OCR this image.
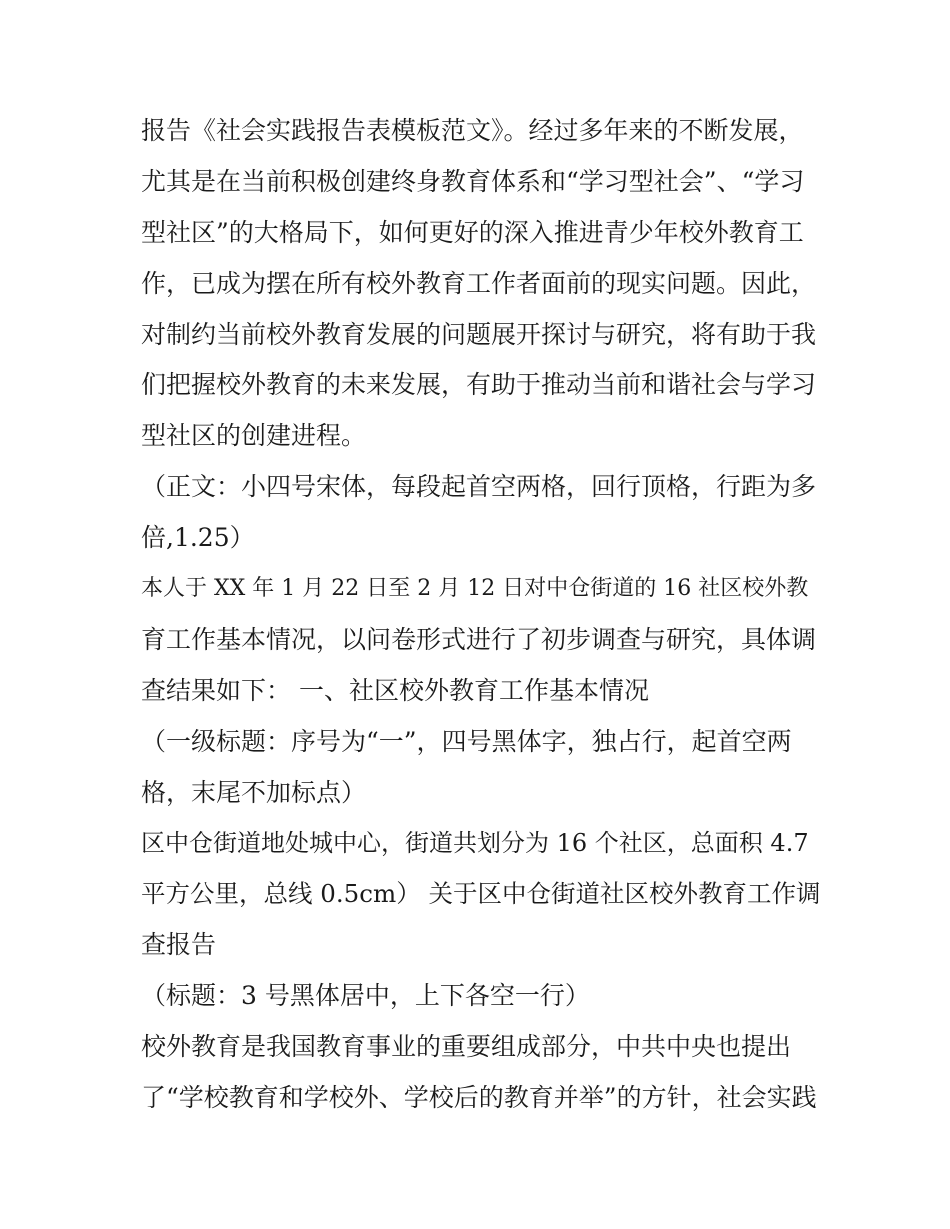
报告《社会实践报告表模板范文》。经过多年来的不断发展，
尤其是在当前积极创建终身教育体系和“学习型社会”、“学习
型社区”的大格局下，如何更好的深入推进青少年校外教育工
作，已成为摆在所有校外教育工作者面前的现实问题。因此，
对制约当前校外教育发展的问题展开探讨与研究，将有助于我
们把握校外教育的未来发展，有助于推动当前和谐社会与学习
型社区的创建进程。
（正文：小四号宋体，每段起首空两格，回行顶格，行距为多
倍,1.25）
本人于 XX 年 1 月 22 日至 2 月 12 日对中仓街道的 16 社区校外教
育工作基本情况，以问卷形式进行了初步调查与研究，具体调
查结果如下： 一、社区校外教育工作基本情况
（一级标题：序号为“一”，四号黑体字，独占行，起首空两
格，末尾不加标点）
区中仓街道地处城中心，街道共划分为 16 个社区，总面积 4.7
平方公里，总线 0.5cm） 关于区中仓街道社区校外教育工作调
查报告
（标题：3 号黑体居中，上下各空一行）
校外教育是我国教育事业的重要组成部分，中共中央也提出
了“学校教育和学校外、学校后的教育并举”的方针，社会实践
